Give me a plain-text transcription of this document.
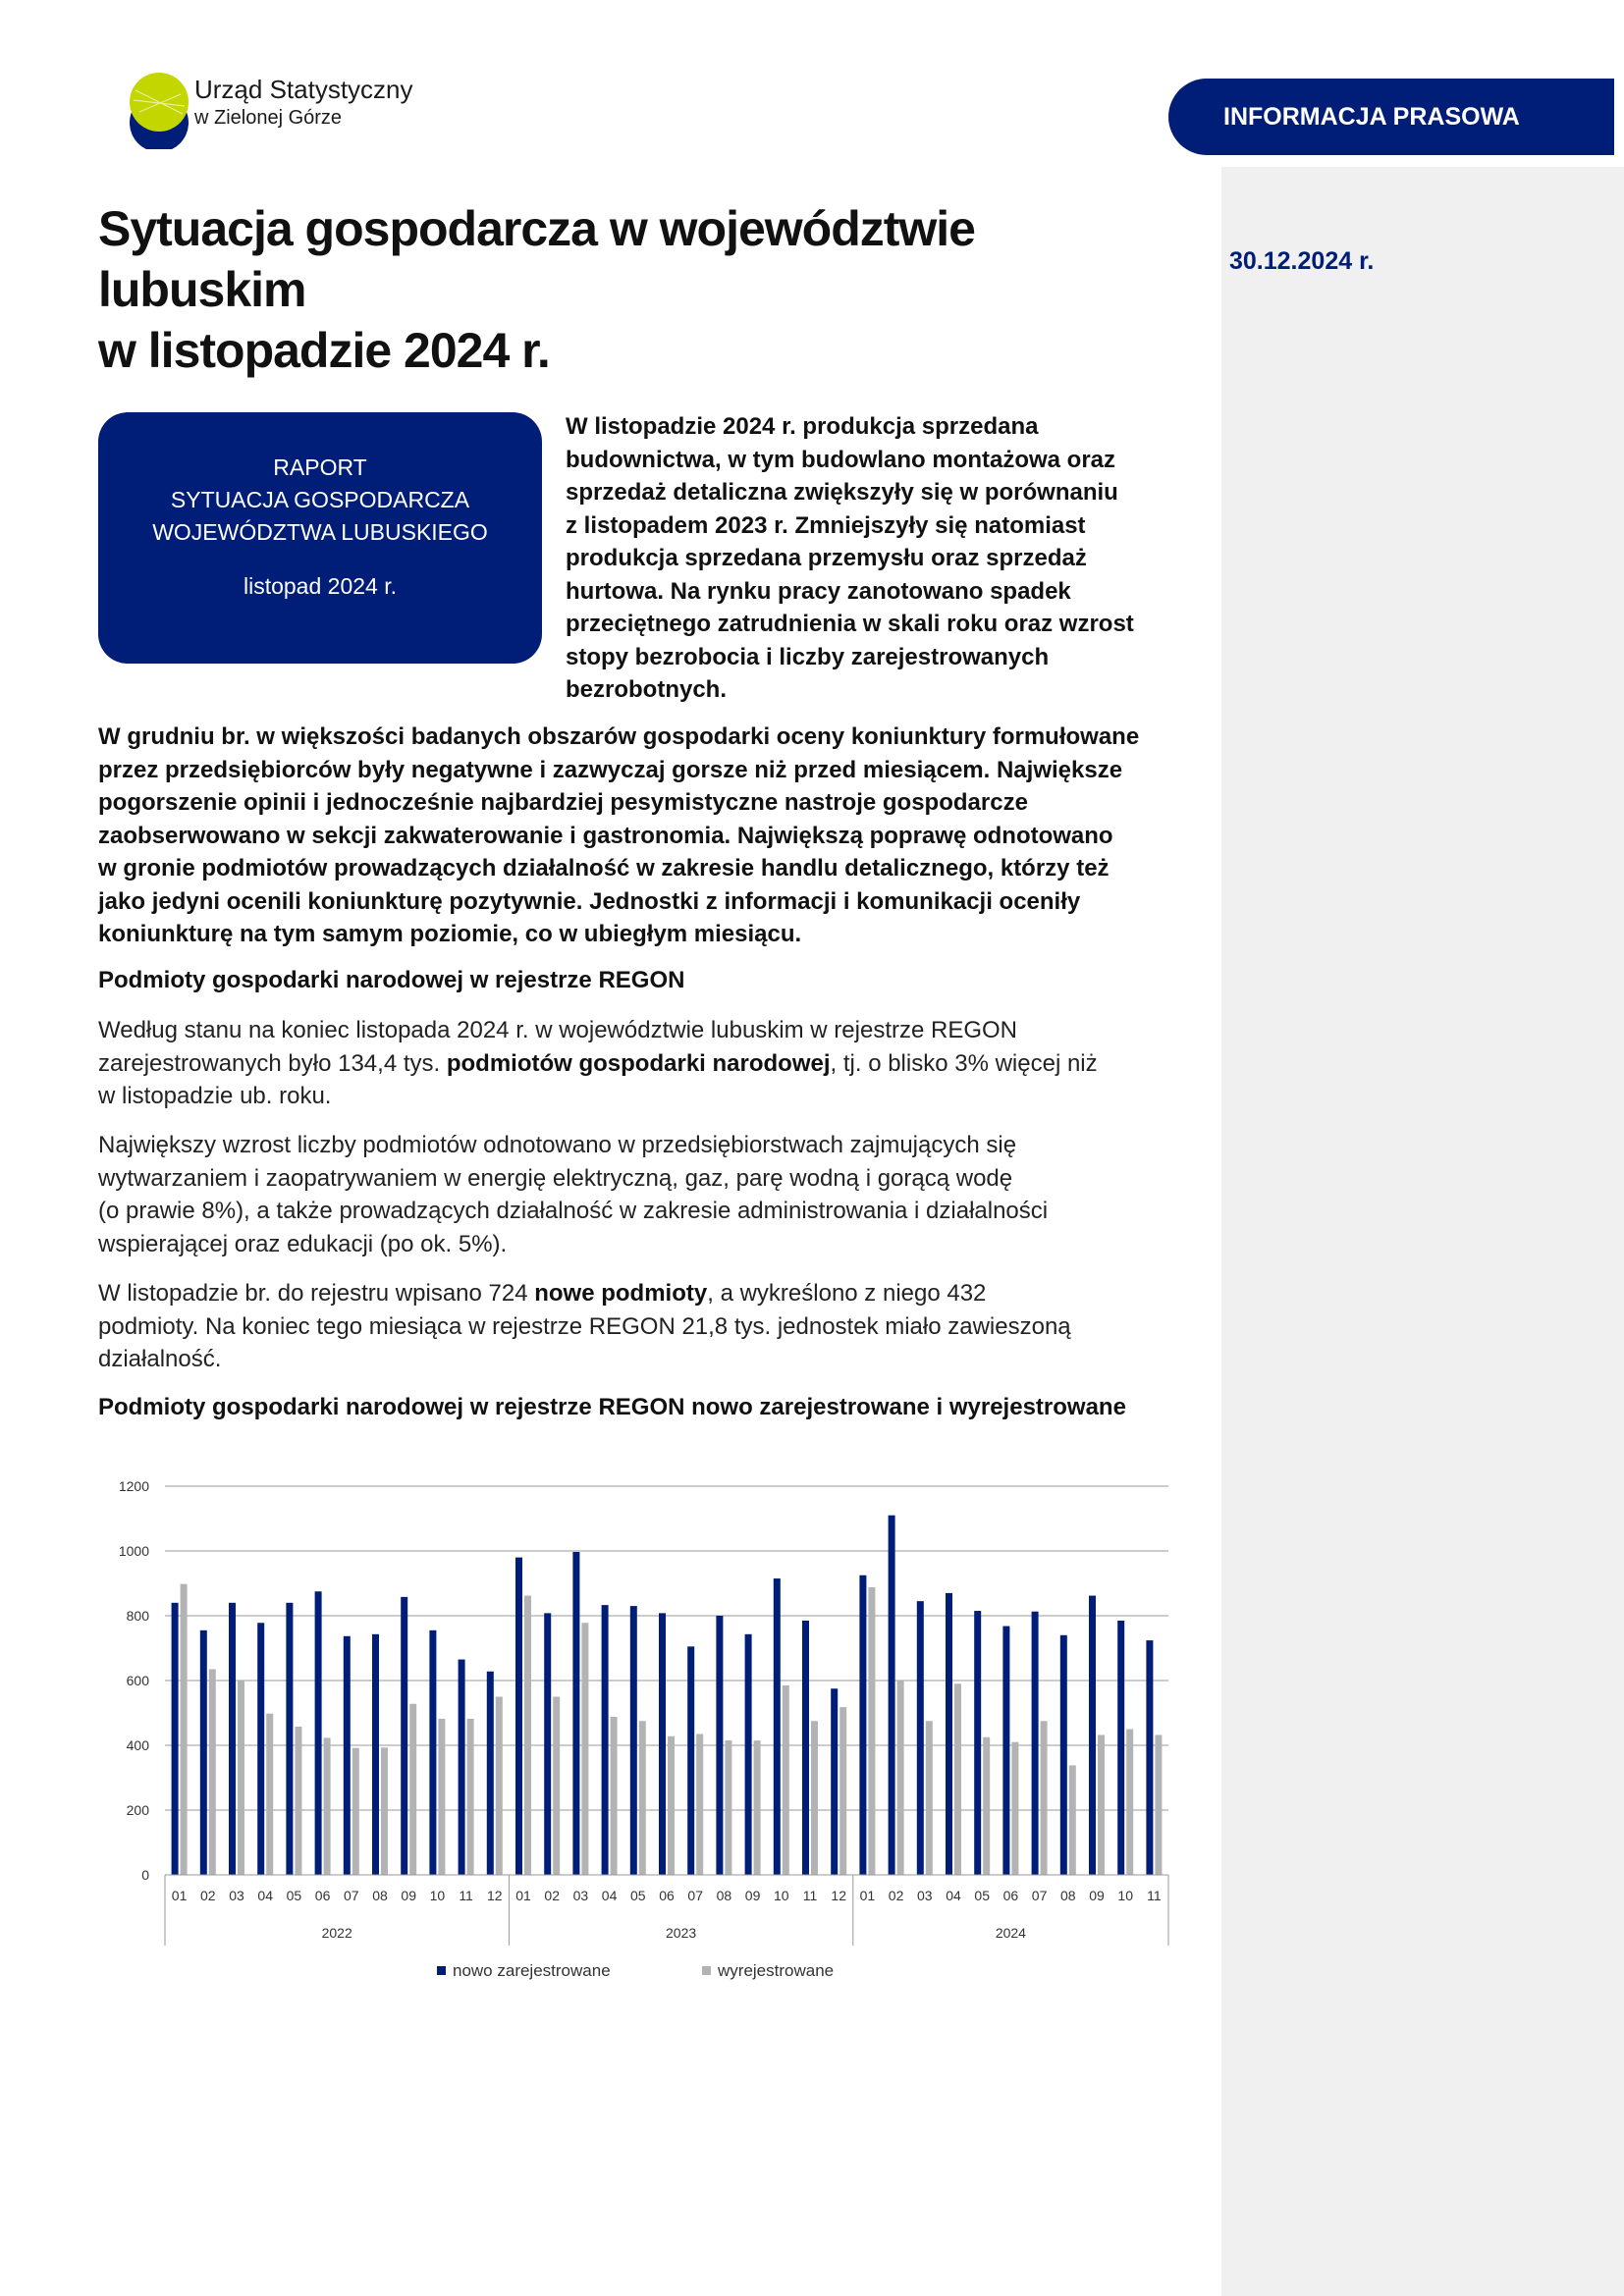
INFORMACJA PRASOWA
30.12.2024 r.
Urząd Statystyczny
w Zielonej Górze
Sytuacja gospodarcza w województwie lubuskim
w listopadzie 2024 r.
RAPORT
SYTUACJA GOSPODARCZA
WOJEWÓDZTWA LUBUSKIEGO
listopad 2024 r.
W listopadzie 2024 r. produkcja sprzedana
budownictwa, w tym budowlano montażowa oraz
sprzedaż detaliczna zwiększyły się w porównaniu
z listopadem 2023 r. Zmniejszyły się natomiast
produkcja sprzedana przemysłu oraz sprzedaż
hurtowa. Na rynku pracy zanotowano spadek
przeciętnego zatrudnienia w skali roku oraz wzrost
stopy bezrobocia i liczby zarejestrowanych
bezrobotnych.
W grudniu br. w większości badanych obszarów gospodarki oceny koniunktury formułowane
przez przedsiębiorców były negatywne i zazwyczaj gorsze niż przed miesiącem. Największe
pogorszenie opinii i jednocześnie najbardziej pesymistyczne nastroje gospodarcze
zaobserwowano w sekcji zakwaterowanie i gastronomia. Największą poprawę odnotowano
w gronie podmiotów prowadzących działalność w zakresie handlu detalicznego, którzy też
jako jedyni ocenili koniunkturę pozytywnie. Jednostki z informacji i komunikacji oceniły
koniunkturę na tym samym poziomie, co w ubiegłym miesiącu.
Podmioty gospodarki narodowej w rejestrze REGON
Według stanu na koniec listopada 2024 r. w województwie lubuskim w rejestrze REGON
zarejestrowanych było 134,4 tys. podmiotów gospodarki narodowej, tj. o blisko 3% więcej niż
w listopadzie ub. roku.
Największy wzrost liczby podmiotów odnotowano w przedsiębiorstwach zajmujących się
wytwarzaniem i zaopatrywaniem w energię elektryczną, gaz, parę wodną i gorącą wodę
(o prawie 8%), a także prowadzących działalność w zakresie administrowania i działalności
wspierającej oraz edukacji (po ok. 5%).
W listopadzie br. do rejestru wpisano 724 nowe podmioty, a wykreślono z niego 432
podmioty. Na koniec tego miesiąca w rejestrze REGON 21,8 tys. jednostek miało zawieszoną
działalność.
Podmioty gospodarki narodowej w rejestrze REGON nowo zarejestrowane i wyrejestrowane
0
200
400
600
800
1000
1200
01 02 03 04 05 06 07 08 09 10 11 12 01 02 03 04 05 06 07 08 09 10 11 12 01 02 03 04 05 06 07 08 09 10 11
2022	2023	2024
nowo zarejestrowane	wyrejestrowane
